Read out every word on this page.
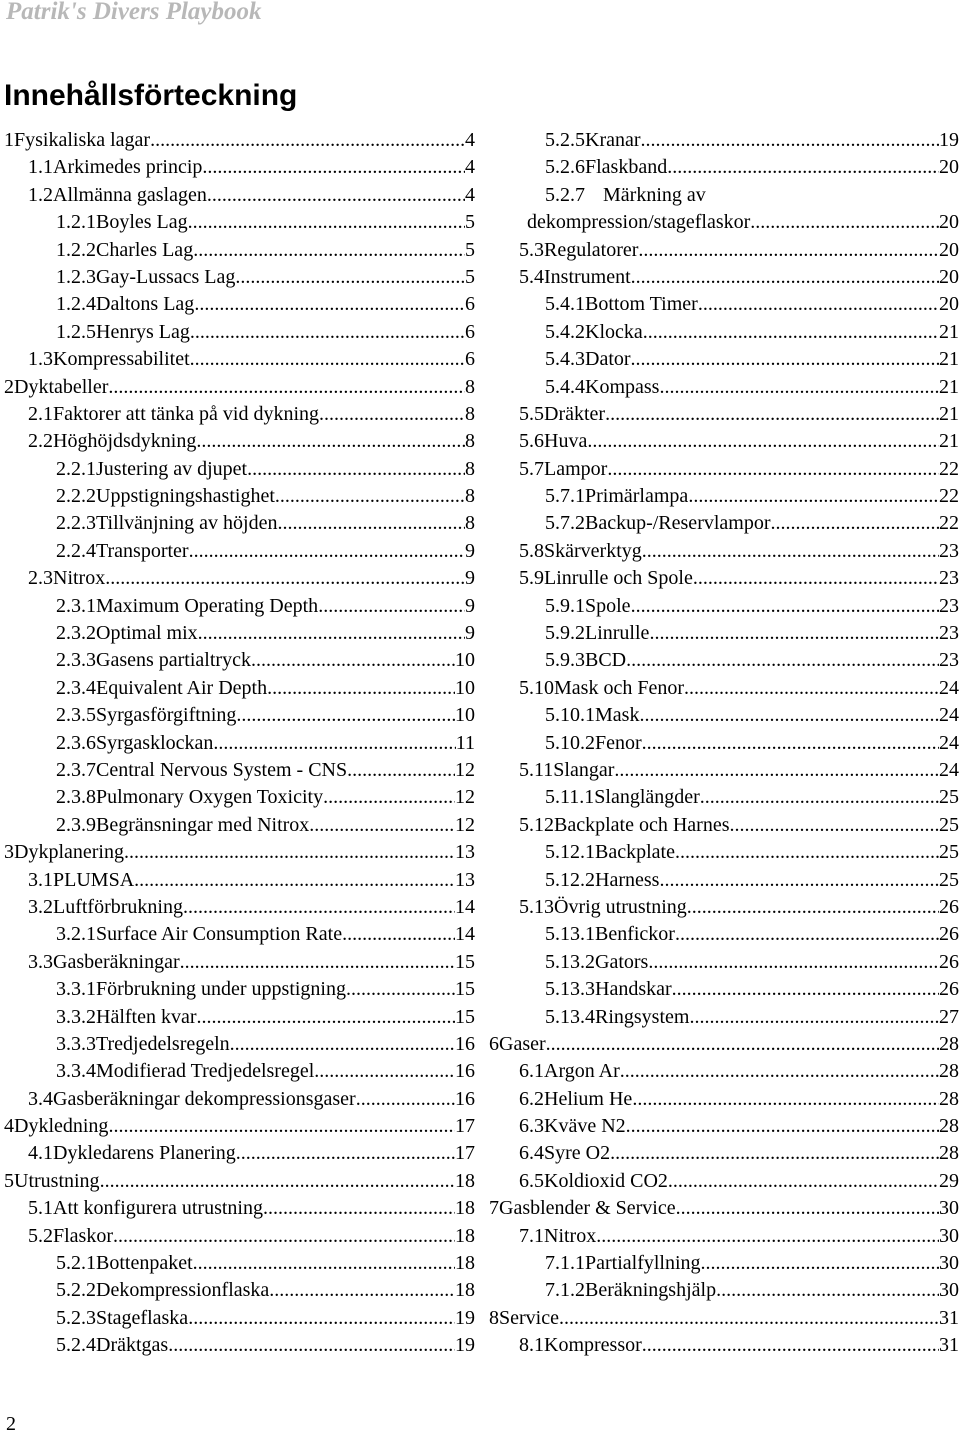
Patrik's Divers Playbook
Innehållsförteckning
1 Fysikaliska lagar .....	4
1.1 Arkimedes princip .....	4
1.2 Allmänna gaslagen .....	4
1.2.1 Boyles Lag .....	5
1.2.2 Charles Lag .....	5
1.2.3 Gay-Lussacs Lag .....	5
1.2.4 Daltons Lag .....	6
1.2.5 Henrys Lag .....	6
1.3 Kompressabilitet .....	6
2 Dyktabeller .....	8
2.1 Faktorer att tänka på vid dykning .....	8
2.2 Höghöjdsdykning .....	8
2.2.1 Justering av djupet .....	8
2.2.2 Uppstigningshastighet .....	8
2.2.3 Tillvänjning av höjden .....	8
2.2.4 Transporter .....	9
2.3 Nitrox .....	9
2.3.1 Maximum Operating Depth .....	9
2.3.2 Optimal mix .....	9
2.3.3 Gasens partialtryck .....	10
2.3.4 Equivalent Air Depth .....	10
2.3.5 Syrgasförgiftning .....	10
2.3.6 Syrgasklockan .....	11
2.3.7 Central Nervous System - CNS .....	12
2.3.8 Pulmonary Oxygen Toxicity .....	12
2.3.9 Begränsningar med Nitrox .....	12
3 Dykplanering .....	13
3.1 PLUMSA .....	13
3.2 Luftförbrukning .....	14
3.2.1 Surface Air Consumption Rate .....	14
3.3 Gasberäkningar .....	15
3.3.1 Förbrukning under uppstigning .....	15
3.3.2 Hälften kvar .....	15
3.3.3 Tredjedelsregeln .....	16
3.3.4 Modifierad Tredjedelsregel .....	16
3.4 Gasberäkningar dekompressionsgaser .....	16
4 Dykledning .....	17
4.1 Dykledarens Planering .....	17
5 Utrustning .....	18
5.1 Att konfigurera utrustning .....	18
5.2 Flaskor .....	18
5.2.1 Bottenpaket .....	18
5.2.2 Dekompressionflaska .....	18
5.2.3 Stageflaska .....	19
5.2.4 Dräktgas .....	19
5.2.5 Kranar .....	19
5.2.6 Flaskband .....	20
5.2.7 Märkning av
dekompression/stageflaskor .....	20
5.3 Regulatorer .....	20
5.4 Instrument .....	20
5.4.1 Bottom Timer .....	20
5.4.2 Klocka .....	21
5.4.3 Dator .....	21
5.4.4 Kompass .....	21
5.5 Dräkter .....	21
5.6 Huva .....	21
5.7 Lampor .....	22
5.7.1 Primärlampa .....	22
5.7.2 Backup-/Reservlampor .....	22
5.8 Skärverktyg .....	23
5.9 Linrulle och Spole .....	23
5.9.1 Spole .....	23
5.9.2 Linrulle .....	23
5.9.3 BCD .....	23
5.10 Mask och Fenor .....	24
5.10.1 Mask .....	24
5.10.2 Fenor .....	24
5.11 Slangar .....	24
5.11.1 Slanglängder .....	25
5.12 Backplate och Harnes .....	25
5.12.1 Backplate .....	25
5.12.2 Harness .....	25
5.13 Övrig utrustning .....	26
5.13.1 Benfickor .....	26
5.13.2 Gators .....	26
5.13.3 Handskar .....	26
5.13.4 Ringsystem .....	27
6 Gaser .....	28
6.1 Argon Ar .....	28
6.2 Helium He .....	28
6.3 Kväve N2 .....	28
6.4 Syre O2 .....	28
6.5 Koldioxid CO2 .....	29
7 Gasblender & Service .....	30
7.1 Nitrox .....	30
7.1.1 Partialfyllning .....	30
7.1.2 Beräkningshjälp .....	30
8 Service .....	31
8.1 Kompressor .....	31
2
